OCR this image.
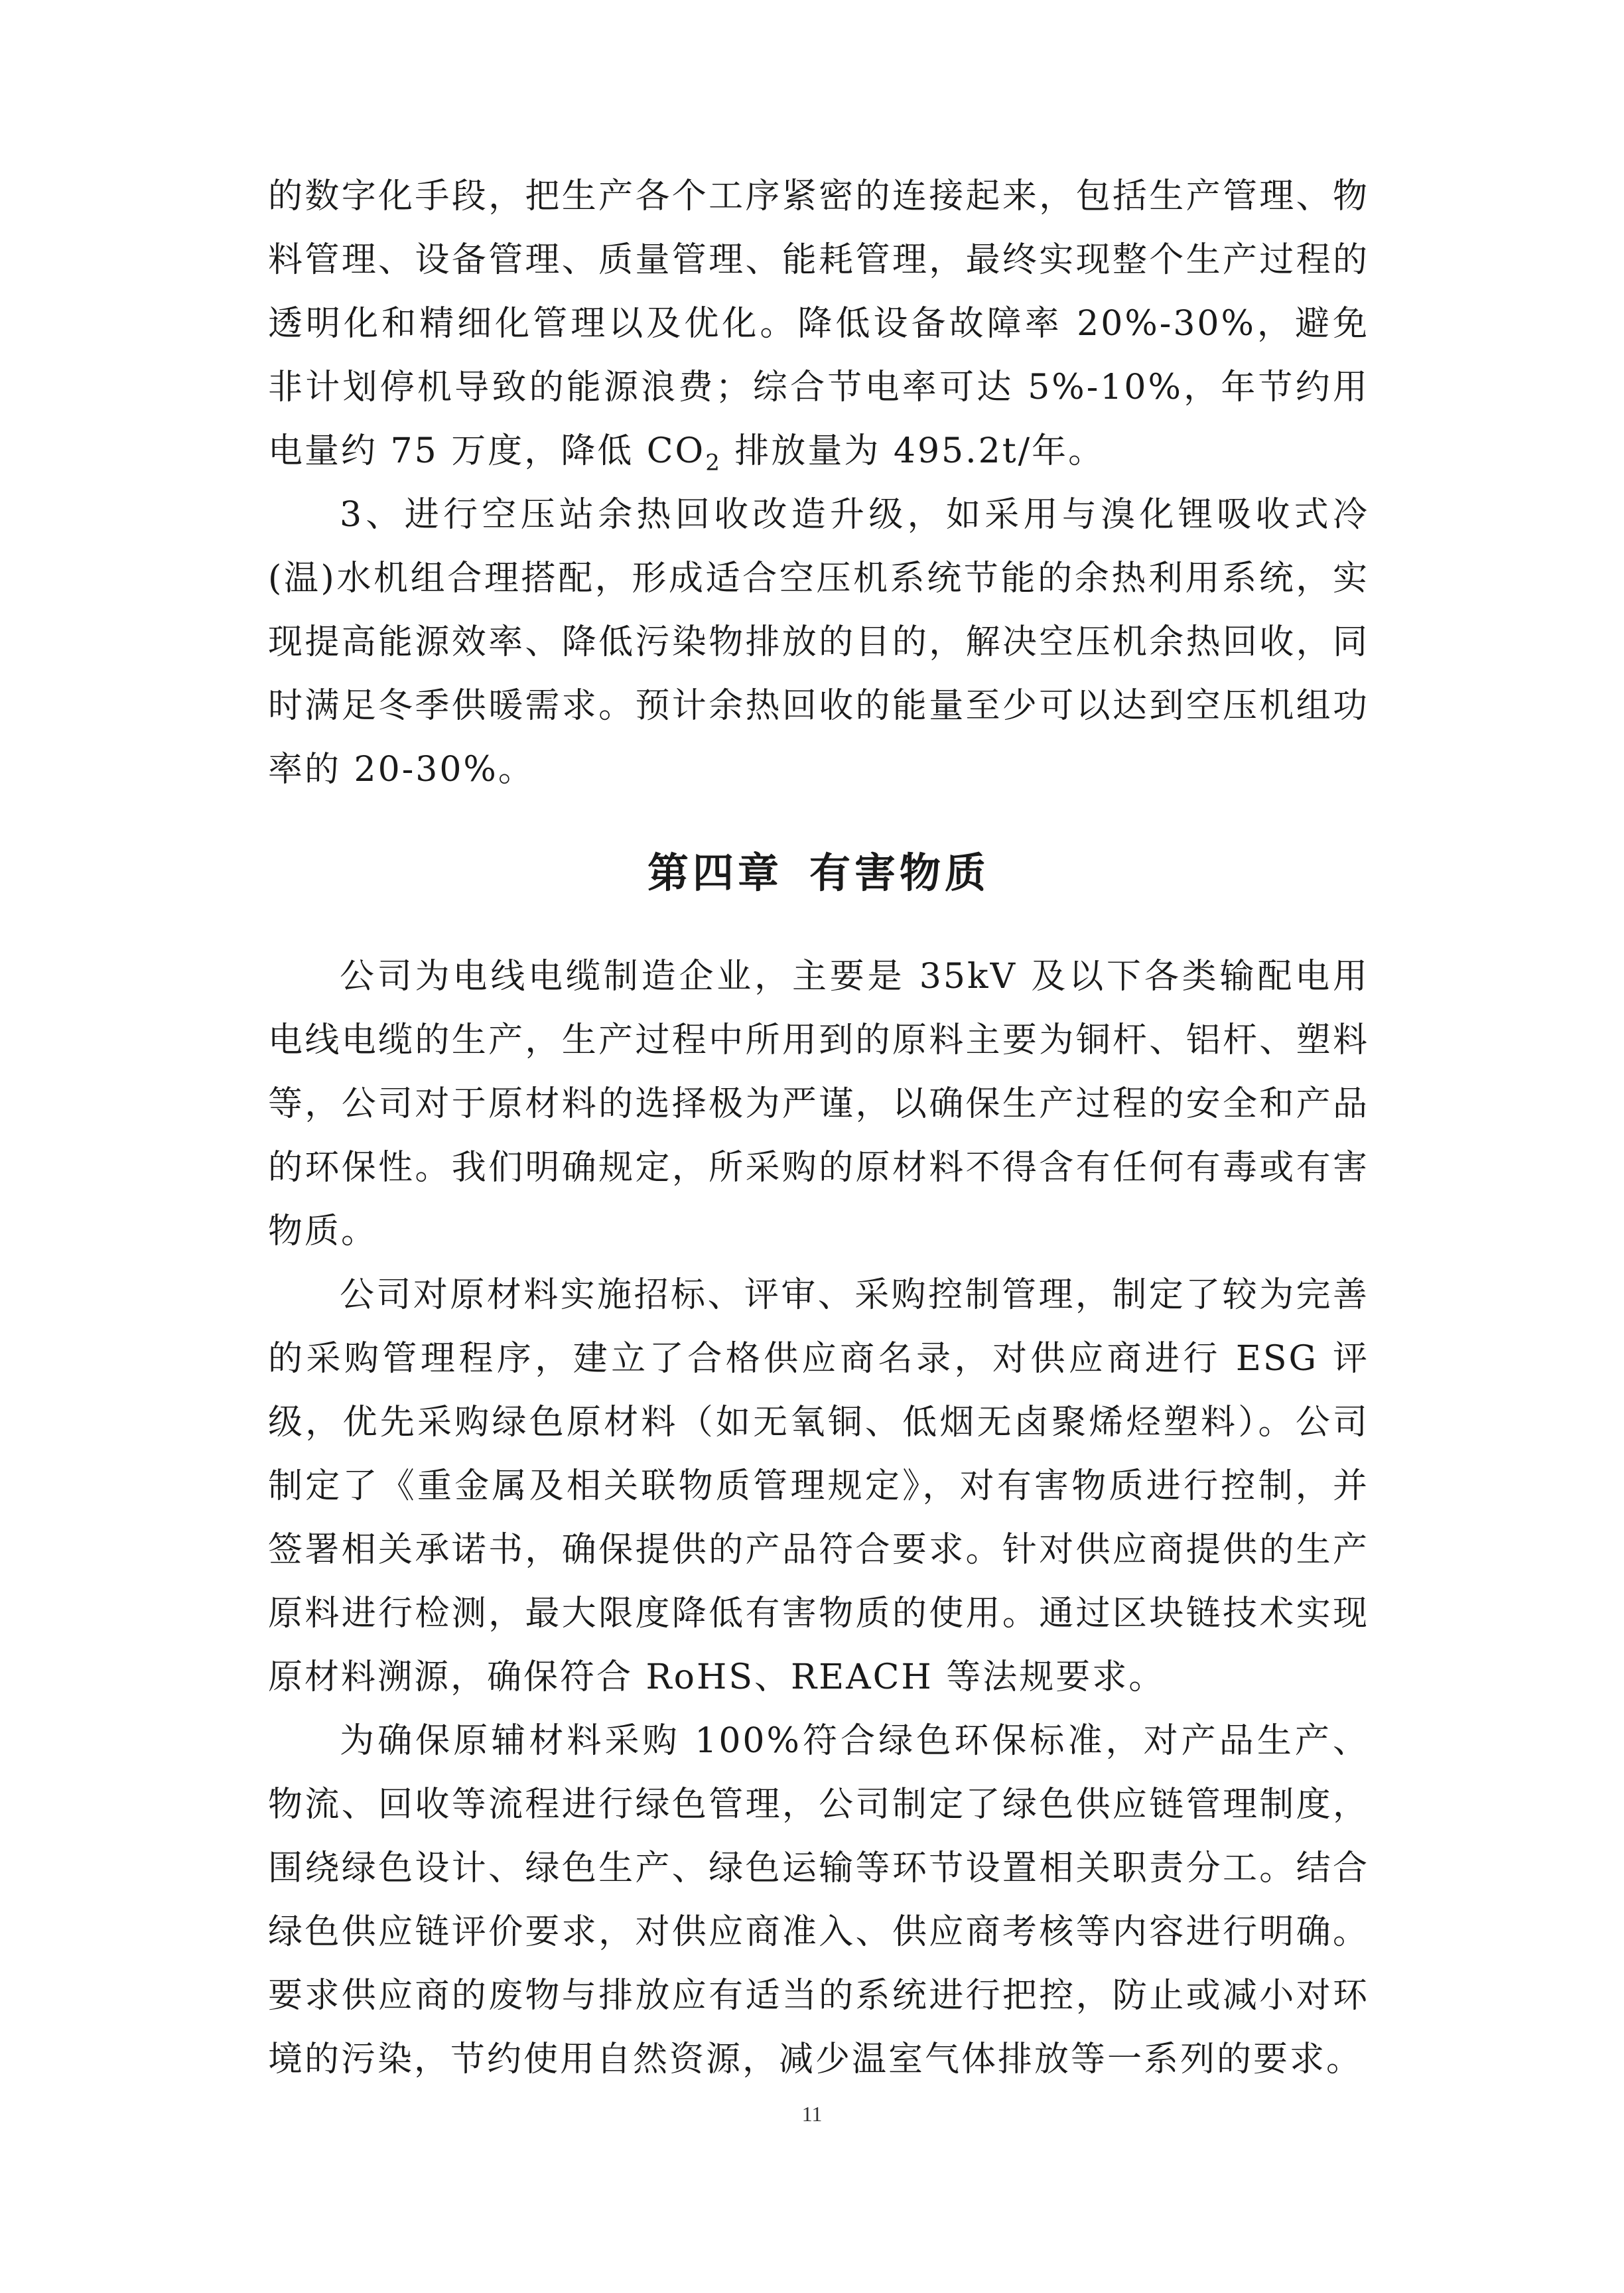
的数字化手段，把生产各个工序紧密的连接起来，包括生产管理、物料管理、设备管理、质量管理、能耗管理，最终实现整个生产过程的透明化和精细化管理以及优化。降低设备故障率 20%-30%，避免非计划停机导致的能源浪费；综合节电率可达 5%-10%，年节约用电量约 75 万度，降低 $CO_2$ 排放量为 495.2t/年。

3、进行空压站余热回收改造升级，如采用与溴化锂吸收式冷(温)水机组合理搭配，形成适合空压机系统节能的余热利用系统，实现提高能源效率、降低污染物排放的目的，解决空压机余热回收，同时满足冬季供暖需求。预计余热回收的能量至少可以达到空压机组功率的 20-30%。

第四章 有害物质

公司为电线电缆制造企业，主要是 35kV 及以下各类输配电用电线电缆的生产，生产过程中所用到的原料主要为铜杆、铝杆、塑料等，公司对于原材料的选择极为严谨，以确保生产过程的安全和产品的环保性。我们明确规定，所采购的原材料不得含有任何有毒或有害物质。

公司对原材料实施招标、评审、采购控制管理，制定了较为完善的采购管理程序，建立了合格供应商名录，对供应商进行 ESG 评级，优先采购绿色原材料（如无氧铜、低烟无卤聚烯烃塑料）。公司制定了《重金属及相关联物质管理规定》，对有害物质进行控制，并签署相关承诺书，确保提供的产品符合要求。针对供应商提供的生产原料进行检测，最大限度降低有害物质的使用。通过区块链技术实现原材料溯源，确保符合 RoHS、REACH 等法规要求。

为确保原辅材料采购 100%符合绿色环保标准，对产品生产、物流、回收等流程进行绿色管理，公司制定了绿色供应链管理制度，围绕绿色设计、绿色生产、绿色运输等环节设置相关职责分工。结合绿色供应链评价要求，对供应商准入、供应商考核等内容进行明确。要求供应商的废物与排放应有适当的系统进行把控，防止或减小对环境的污染，节约使用自然资源，减少温室气体排放等一系列的要求。

11
